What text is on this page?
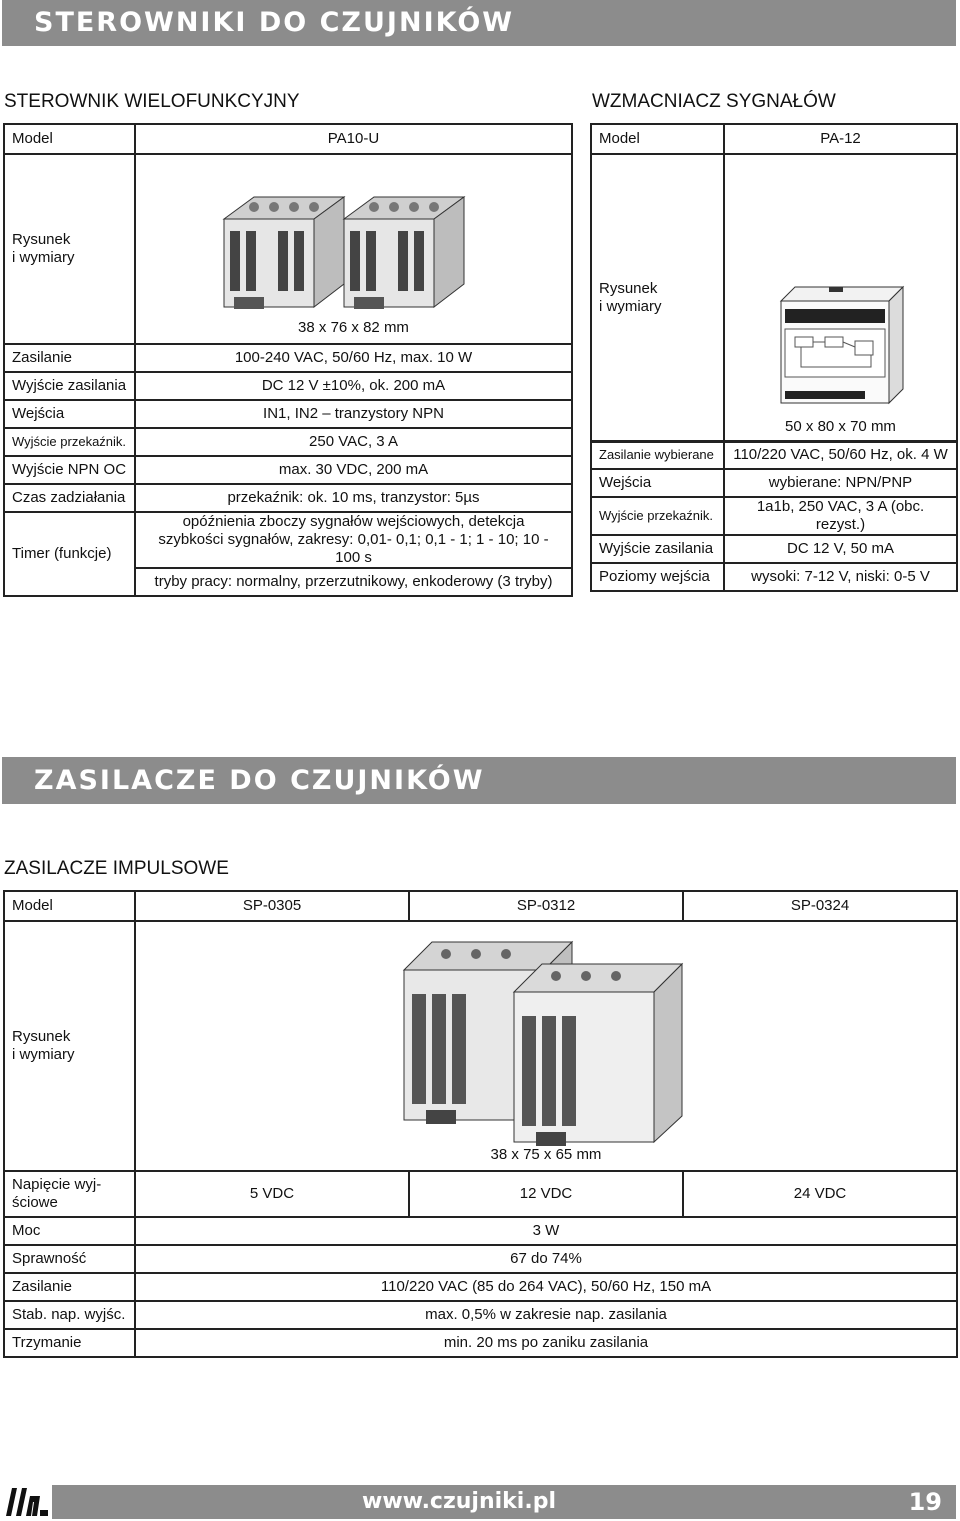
STEROWNIKI DO CZUJNIKÓW
STEROWNIK WIELOFUNKCYJNY	WZMACNIACZ SYGNAŁÓW
Model	PA10-U
Rysunek
i wymiary	38 x 76 x 82 mm

Zasilanie	100-240 VAC, 50/60 Hz, max. 10 W
Wyjście zasilania	DC 12 V ±10%, ok. 200 mA
Wejścia	IN1, IN2 – tranzystory NPN
Wyjście przekaźnik.	250 VAC, 3 A
Wyjście NPN OC	max. 30 VDC, 200 mA
Czas zadziałania	przekaźnik: ok. 10 ms, tranzystor: 5µs
Timer (funkcje)	opóźnienia zboczy sygnałów wejściowych, detekcja szybkości sygnałów, zakresy: 0,01- 0,1; 0,1 - 1; 1 - 10; 10 - 100 s
	tryby pracy: normalny, przerzutnikowy, enkoderowy (3 tryby)
Model	PA-12
Rysunek
i wymiary	
PA-12
POWER AMPLIFIER
	50 x 80 x 70 mm
Zasilanie wybierane	110/220 VAC, 50/60 Hz, ok. 4 W
Wejścia	wybierane: NPN/PNP
Wyjście przekaźnik.	1a1b, 250 VAC, 3 A (obc. rezyst.)
Wyjście zasilania	DC 12 V, 50 mA
Poziomy wejścia	wysoki: 7-12 V, niski: 0-5 V
ZASILACZE DO CZUJNIKÓW
ZASILACZE IMPULSOWE
Model	SP-0305	SP-0312	SP-0324
Rysunek
i wymiary	38 x 75 x 65 mm		

Napięcie wyj-
ściowe	5 VDC	12 VDC	24 VDC
Moc	3 W		
Sprawność	67 do 74%		
Zasilanie	110/220 VAC (85 do 264 VAC), 50/60 Hz, 150 mA		
Stab. nap. wyjśc.	max. 0,5% w zakresie nap. zasilania		
Trzymanie	min. 20 ms po zaniku zasilania		
www.czujniki.pl	19
